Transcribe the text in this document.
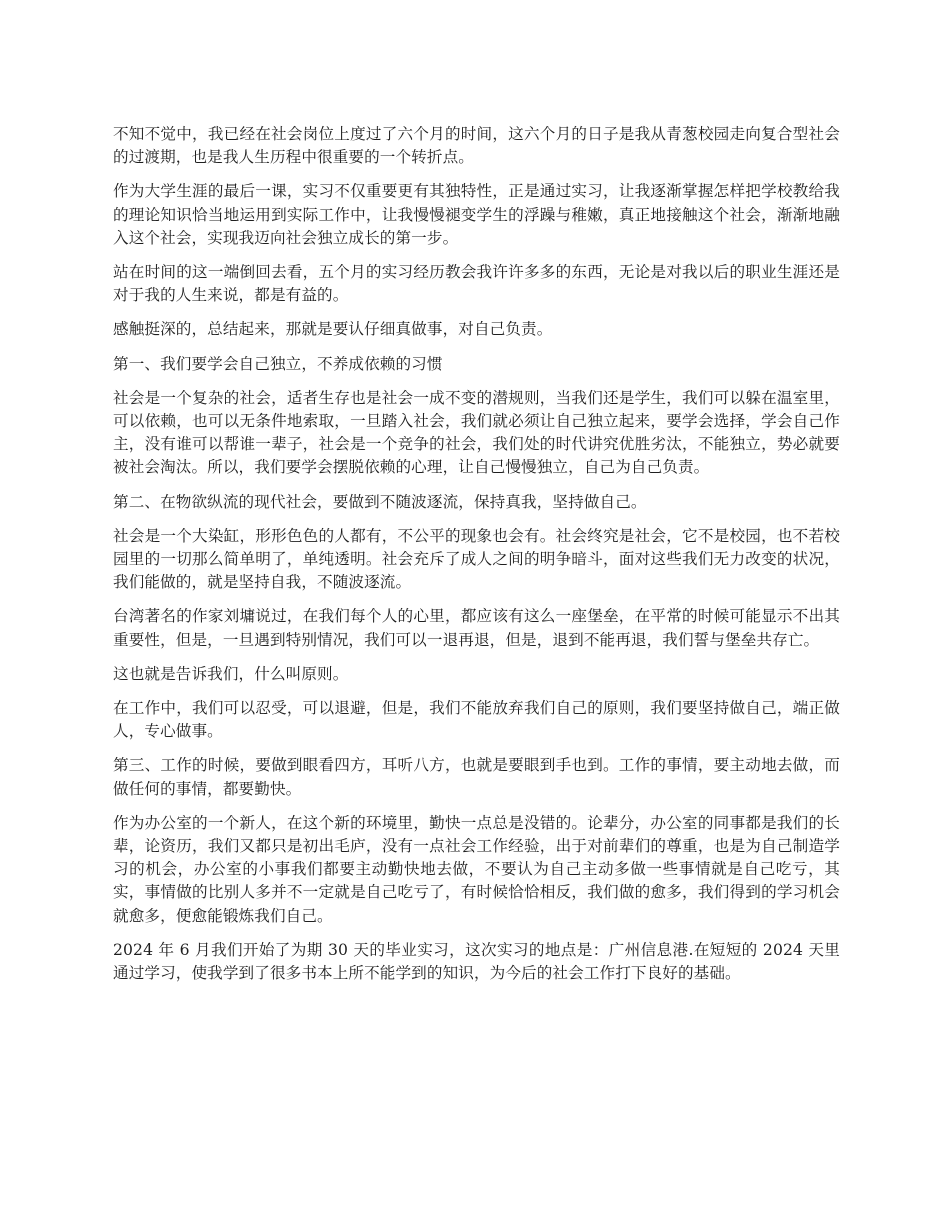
不知不觉中，我已经在社会岗位上度过了六个月的时间，这六个月的日子是我从青葱校园走向复合型社会的过渡期，也是我人生历程中很重要的一个转折点。

作为大学生涯的最后一课，实习不仅重要更有其独特性，正是通过实习，让我逐渐掌握怎样把学校教给我的理论知识恰当地运用到实际工作中，让我慢慢褪变学生的浮躁与稚嫩，真正地接触这个社会，渐渐地融入这个社会，实现我迈向社会独立成长的第一步。

站在时间的这一端倒回去看，五个月的实习经历教会我许许多多的东西，无论是对我以后的职业生涯还是对于我的人生来说，都是有益的。

感触挺深的，总结起来，那就是要认仔细真做事，对自己负责。

第一、我们要学会自己独立，不养成依赖的习惯

社会是一个复杂的社会，适者生存也是社会一成不变的潜规则，当我们还是学生，我们可以躲在温室里，可以依赖，也可以无条件地索取，一旦踏入社会，我们就必须让自己独立起来，要学会选择，学会自己作主，没有谁可以帮谁一辈子，社会是一个竞争的社会，我们处的时代讲究优胜劣汰，不能独立，势必就要被社会淘汰。所以，我们要学会摆脱依赖的心理，让自己慢慢独立，自己为自己负责。

第二、在物欲纵流的现代社会，要做到不随波逐流，保持真我，坚持做自己。

社会是一个大染缸，形形色色的人都有，不公平的现象也会有。社会终究是社会，它不是校园，也不若校园里的一切那么简单明了，单纯透明。社会充斥了成人之间的明争暗斗，面对这些我们无力改变的状况，我们能做的，就是坚持自我，不随波逐流。

台湾著名的作家刘墉说过，在我们每个人的心里，都应该有这么一座堡垒，在平常的时候可能显示不出其重要性，但是，一旦遇到特别情况，我们可以一退再退，但是，退到不能再退，我们誓与堡垒共存亡。

这也就是告诉我们，什么叫原则。

在工作中，我们可以忍受，可以退避，但是，我们不能放弃我们自己的原则，我们要坚持做自己，端正做人，专心做事。

第三、工作的时候，要做到眼看四方，耳听八方，也就是要眼到手也到。工作的事情，要主动地去做，而做任何的事情，都要勤快。

作为办公室的一个新人，在这个新的环境里，勤快一点总是没错的。论辈分，办公室的同事都是我们的长辈，论资历，我们又都只是初出毛庐，没有一点社会工作经验，出于对前辈们的尊重，也是为自己制造学习的机会，办公室的小事我们都要主动勤快地去做，不要认为自己主动多做一些事情就是自己吃亏，其实，事情做的比别人多并不一定就是自己吃亏了，有时候恰恰相反，我们做的愈多，我们得到的学习机会就愈多，便愈能锻炼我们自己。

2024 年 6 月我们开始了为期 30 天的毕业实习，这次实习的地点是：广州信息港.在短短的 2024 天里通过学习，使我学到了很多书本上所不能学到的知识，为今后的社会工作打下良好的基础。
